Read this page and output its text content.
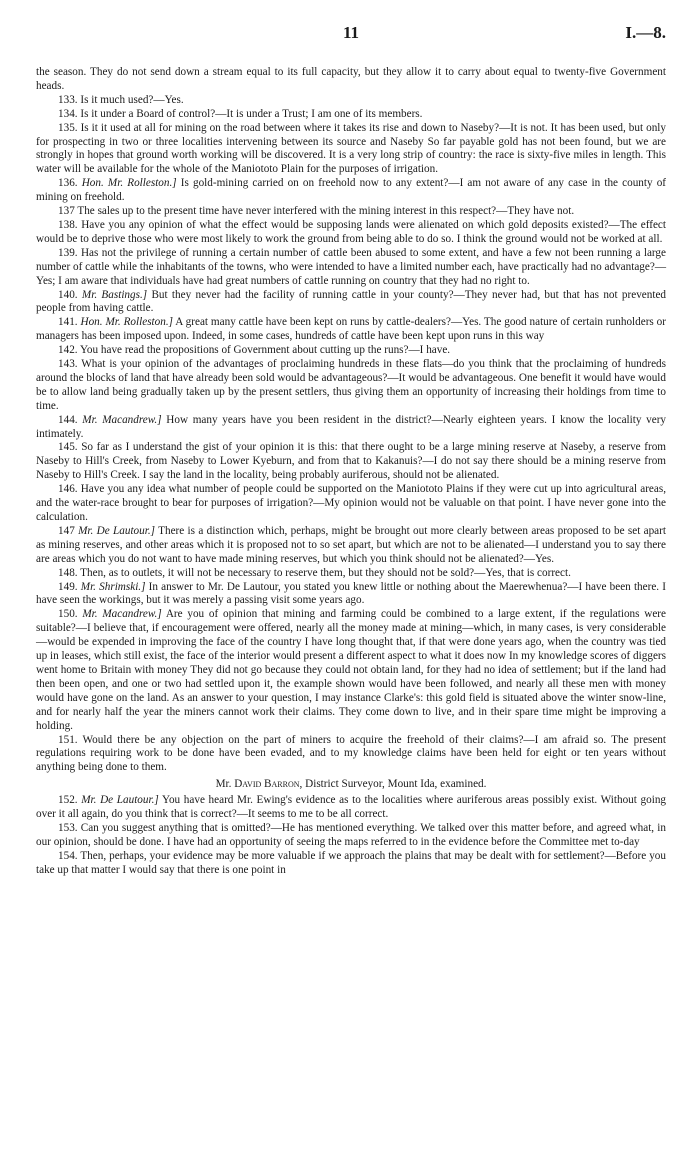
11	I.—8.

the season. They do not send down a stream equal to its full capacity, but they allow it to carry about equal to twenty-five Government heads.

133. Is it much used?—Yes.

134. Is it under a Board of control?—It is under a Trust; I am one of its members.

135. Is it it used at all for mining on the road between where it takes its rise and down to Naseby?—It is not. It has been used, but only for prospecting in two or three localities intervening between its source and Naseby So far payable gold has not been found, but we are strongly in hopes that ground worth working will be discovered. It is a very long strip of country: the race is sixty-five miles in length. This water will be available for the whole of the Maniototo Plain for the purposes of irrigation.

136. Hon. Mr. Rolleston.] Is gold-mining carried on on freehold now to any extent?—I am not aware of any case in the county of mining on freehold.

137 The sales up to the present time have never interfered with the mining interest in this respect?—They have not.

138. Have you any opinion of what the effect would be supposing lands were alienated on which gold deposits existed?—The effect would be to deprive those who were most likely to work the ground from being able to do so. I think the ground would not be worked at all.

139. Has not the privilege of running a certain number of cattle been abused to some extent, and have a few not been running a large number of cattle while the inhabitants of the towns, who were intended to have a limited number each, have practically had no advantage?—Yes; I am aware that individuals have had great numbers of cattle running on country that they had no right to.

140. Mr. Bastings.] But they never had the facility of running cattle in your county?—They never had, but that has not prevented people from having cattle.

141. Hon. Mr. Rolleston.] A great many cattle have been kept on runs by cattle-dealers?—Yes. The good nature of certain runholders or managers has been imposed upon. Indeed, in some cases, hundreds of cattle have been kept upon runs in this way

142. You have read the propositions of Government about cutting up the runs?—I have.

143. What is your opinion of the advantages of proclaiming hundreds in these flats—do you think that the proclaiming of hundreds around the blocks of land that have already been sold would be advantageous?—It would be advantageous. One benefit it would have would be to allow land being gradually taken up by the present settlers, thus giving them an opportunity of increasing their holdings from time to time.

144. Mr. Macandrew.] How many years have you been resident in the district?—Nearly eighteen years. I know the locality very intimately.

145. So far as I understand the gist of your opinion it is this: that there ought to be a large mining reserve at Naseby, a reserve from Naseby to Hill's Creek, from Naseby to Lower Kyeburn, and from that to Kakanuis?—I do not say there should be a mining reserve from Naseby to Hill's Creek. I say the land in the locality, being probably auriferous, should not be alienated.

146. Have you any idea what number of people could be supported on the Maniototo Plains if they were cut up into agricultural areas, and the water-race brought to bear for purposes of irrigation?—My opinion would not be valuable on that point. I have never gone into the calculation.

147 Mr. De Lautour.] There is a distinction which, perhaps, might be brought out more clearly between areas proposed to be set apart as mining reserves, and other areas which it is proposed not to so set apart, but which are not to be alienated—I understand you to say there are areas which you do not want to have made mining reserves, but which you think should not be alienated?—Yes.

148. Then, as to outlets, it will not be necessary to reserve them, but they should not be sold?—Yes, that is correct.

149. Mr. Shrimski.] In answer to Mr. De Lautour, you stated you knew little or nothing about the Maerewhenua?—I have been there. I have seen the workings, but it was merely a passing visit some years ago.

150. Mr. Macandrew.] Are you of opinion that mining and farming could be combined to a large extent, if the regulations were suitable?—I believe that, if encouragement were offered, nearly all the money made at mining—which, in many cases, is very considerable—would be expended in improving the face of the country I have long thought that, if that were done years ago, when the country was tied up in leases, which still exist, the face of the interior would present a different aspect to what it does now In my knowledge scores of diggers went home to Britain with money They did not go because they could not obtain land, for they had no idea of settlement; but if the land had then been open, and one or two had settled upon it, the example shown would have been followed, and nearly all these men with money would have gone on the land. As an answer to your question, I may instance Clarke's: this gold field is situated above the winter snow-line, and for nearly half the year the miners cannot work their claims. They come down to live, and in their spare time might be improving a holding.

151. Would there be any objection on the part of miners to acquire the freehold of their claims?—I am afraid so. The present regulations requiring work to be done have been evaded, and to my knowledge claims have been held for eight or ten years without anything being done to them.

Mr. David Barron, District Surveyor, Mount Ida, examined.

152. Mr. De Lautour.] You have heard Mr. Ewing's evidence as to the localities where auriferous areas possibly exist. Without going over it all again, do you think that is correct?—It seems to me to be all correct.

153. Can you suggest anything that is omitted?—He has mentioned everything. We talked over this matter before, and agreed what, in our opinion, should be done. I have had an opportunity of seeing the maps referred to in the evidence before the Committee met to-day

154. Then, perhaps, your evidence may be more valuable if we approach the plains that may be dealt with for settlement?—Before you take up that matter I would say that there is one point in
